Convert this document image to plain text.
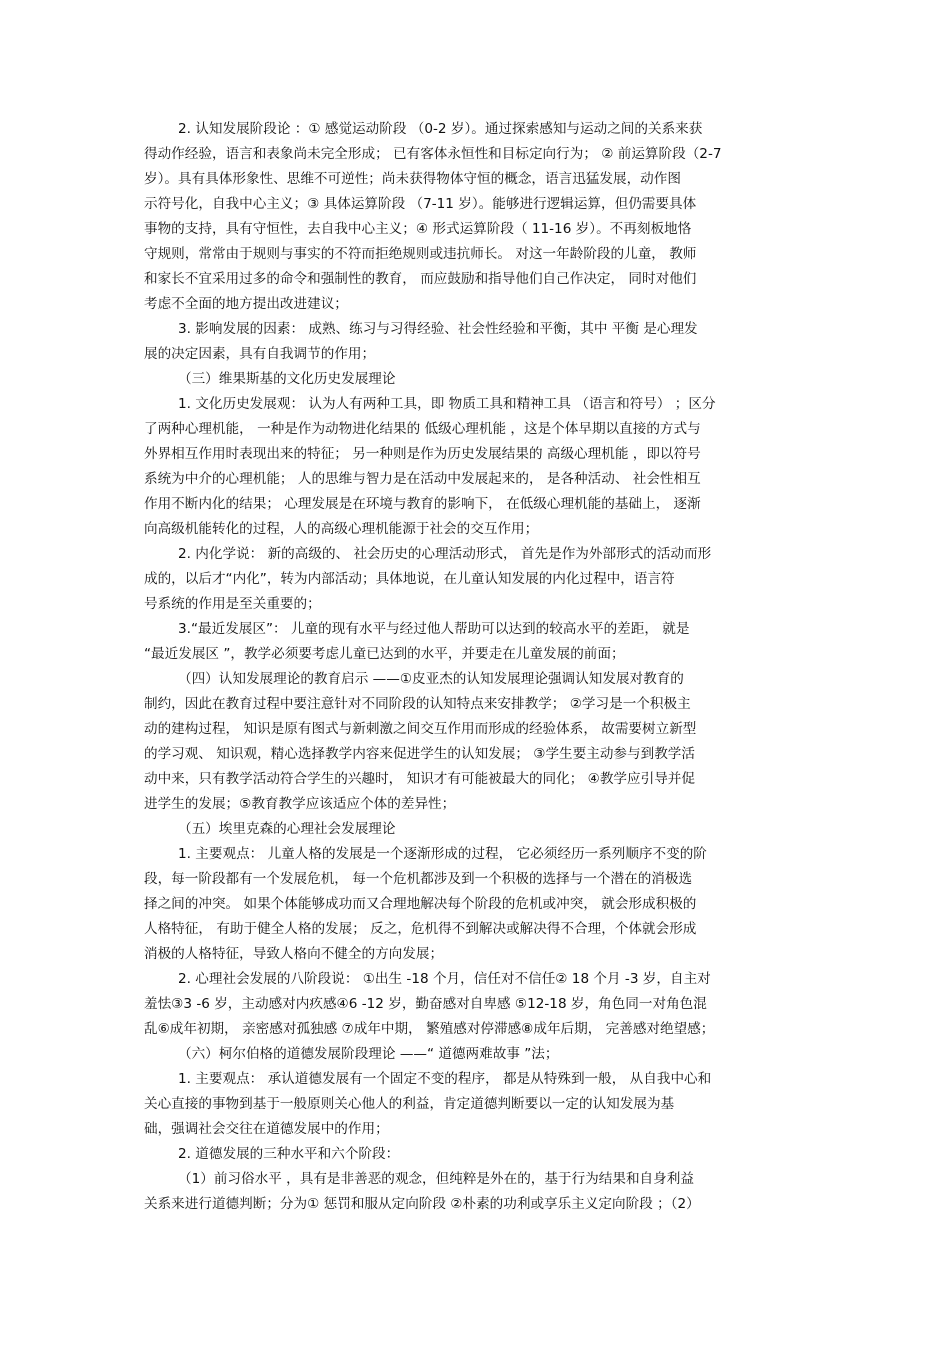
2. 认知发展阶段论 ：① 感觉运动阶段 （0-2 岁）。通过探索感知与运动之间的关系来获
得动作经验，语言和表象尚未完全形成； 已有客体永恒性和目标定向行为； ② 前运算阶段（2-7
岁）。具有具体形象性、思维不可逆性；尚未获得物体守恒的概念，语言迅猛发展，动作图
示符号化，自我中心主义；③ 具体运算阶段 （7-11 岁）。能够进行逻辑运算，但仍需要具体
事物的支持，具有守恒性，去自我中心主义；④ 形式运算阶段（ 11-16 岁）。不再刻板地恪
守规则，常常由于规则与事实的不符而拒绝规则或违抗师长。 对这一年龄阶段的儿童， 教师
和家长不宜采用过多的命令和强制性的教育， 而应鼓励和指导他们自己作决定， 同时对他们
考虑不全面的地方提出改进建议；
3. 影响发展的因素： 成熟、练习与习得经验、社会性经验和平衡，其中 平衡 是心理发
展的决定因素，具有自我调节的作用；
（三）维果斯基的文化历史发展理论
1. 文化历史发展观： 认为人有两种工具，即 物质工具和精神工具 （语言和符号） ；区分
了两种心理机能， 一种是作为动物进化结果的 低级心理机能 ，这是个体早期以直接的方式与
外界相互作用时表现出来的特征； 另一种则是作为历史发展结果的 高级心理机能 ，即以符号
系统为中介的心理机能； 人的思维与智力是在活动中发展起来的， 是各种活动、 社会性相互
作用不断内化的结果； 心理发展是在环境与教育的影响下， 在低级心理机能的基础上， 逐渐
向高级机能转化的过程，人的高级心理机能源于社会的交互作用；
2. 内化学说： 新的高级的、 社会历史的心理活动形式， 首先是作为外部形式的活动而形
成的，以后才“内化”，转为内部活动；具体地说，在儿童认知发展的内化过程中，语言符
号系统的作用是至关重要的；
3.“最近发展区”： 儿童的现有水平与经过他人帮助可以达到的较高水平的差距， 就是
“最近发展区 ”，教学必须要考虑儿童已达到的水平，并要走在儿童发展的前面；
（四）认知发展理论的教育启示 ——①皮亚杰的认知发展理论强调认知发展对教育的
制约，因此在教育过程中要注意针对不同阶段的认知特点来安排教学； ②学习是一个积极主
动的建构过程， 知识是原有图式与新刺激之间交互作用而形成的经验体系， 故需要树立新型
的学习观、 知识观，精心选择教学内容来促进学生的认知发展； ③学生要主动参与到教学活
动中来，只有教学活动符合学生的兴趣时， 知识才有可能被最大的同化； ④教学应引导并促
进学生的发展；⑤教育教学应该适应个体的差异性；
（五）埃里克森的心理社会发展理论
1. 主要观点： 儿童人格的发展是一个逐渐形成的过程， 它必须经历一系列顺序不变的阶
段，每一阶段都有一个发展危机， 每一个危机都涉及到一个积极的选择与一个潜在的消极选
择之间的冲突。 如果个体能够成功而又合理地解决每个阶段的危机或冲突， 就会形成积极的
人格特征， 有助于健全人格的发展； 反之，危机得不到解决或解决得不合理，个体就会形成
消极的人格特征，导致人格向不健全的方向发展；
2. 心理社会发展的八阶段说： ①出生 -18 个月，信任对不信任② 18 个月 -3 岁，自主对
羞怯③3 -6 岁，主动感对内疚感④6 -12 岁，勤奋感对自卑感 ⑤12-18 岁，角色同一对角色混
乱⑥成年初期， 亲密感对孤独感 ⑦成年中期， 繁殖感对停滞感⑧成年后期， 完善感对绝望感；
（六）柯尔伯格的道德发展阶段理论 ——“ 道德两难故事 ”法；
1. 主要观点： 承认道德发展有一个固定不变的程序， 都是从特殊到一般， 从自我中心和
关心直接的事物到基于一般原则关心他人的利益，肯定道德判断要以一定的认知发展为基
础，强调社会交往在道德发展中的作用；
2. 道德发展的三种水平和六个阶段：
（1）前习俗水平 ，具有是非善恶的观念，但纯粹是外在的，基于行为结果和自身利益
关系来进行道德判断；分为① 惩罚和服从定向阶段 ②朴素的功利或享乐主义定向阶段 ；（2）
